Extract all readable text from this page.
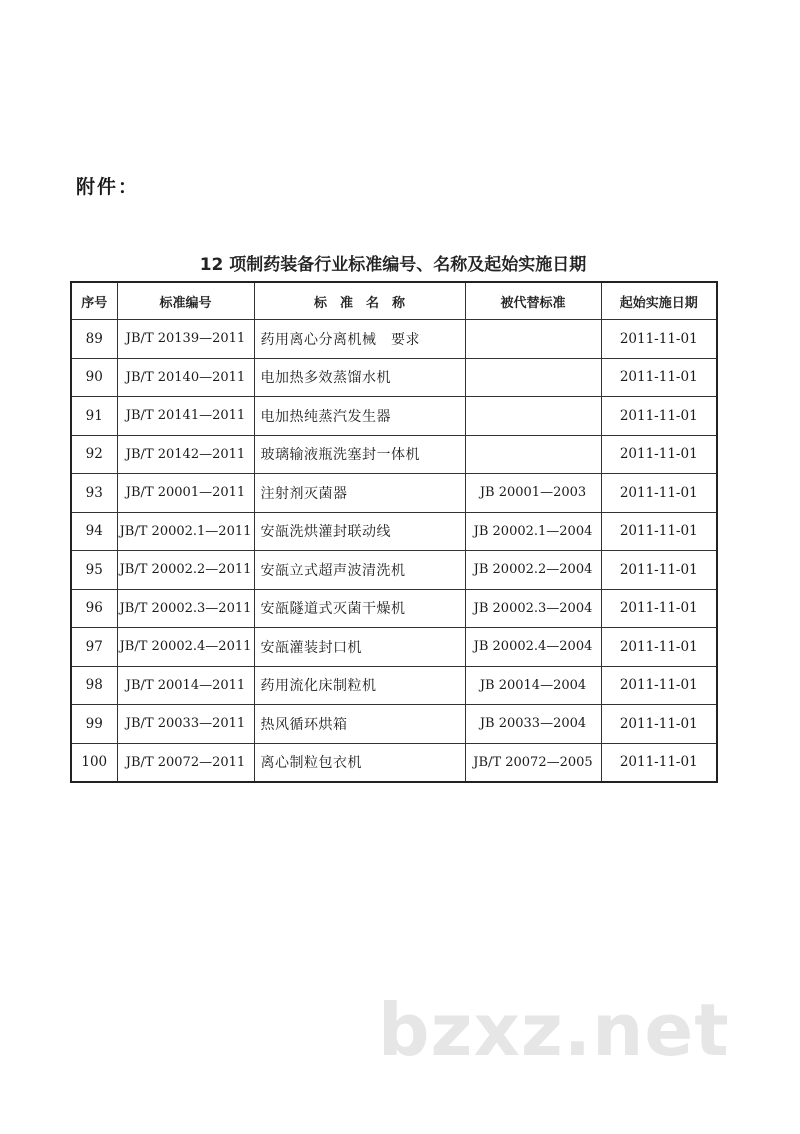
附件：
12 项制药装备行业标准编号、名称及起始实施日期
序号	标准编号	标　准　名　称	被代替标准	起始实施日期
89	JB/T 20139—2011	药用离心分离机械　要求		2011-11-01
90	JB/T 20140—2011	电加热多效蒸馏水机		2011-11-01
91	JB/T 20141—2011	电加热纯蒸汽发生器		2011-11-01
92	JB/T 20142—2011	玻璃输液瓶洗塞封一体机		2011-11-01
93	JB/T 20001—2011	注射剂灭菌器	JB 20001—2003	2011-11-01
94	JB/T 20002.1—2011	安瓿洗烘灌封联动线	JB 20002.1—2004	2011-11-01
95	JB/T 20002.2—2011	安瓿立式超声波清洗机	JB 20002.2—2004	2011-11-01
96	JB/T 20002.3—2011	安瓿隧道式灭菌干燥机	JB 20002.3—2004	2011-11-01
97	JB/T 20002.4—2011	安瓿灌装封口机	JB 20002.4—2004	2011-11-01
98	JB/T 20014—2011	药用流化床制粒机	JB 20014—2004	2011-11-01
99	JB/T 20033—2011	热风循环烘箱	JB 20033—2004	2011-11-01
100	JB/T 20072—2011	离心制粒包衣机	JB/T 20072—2005	2011-11-01
bzxz.net
